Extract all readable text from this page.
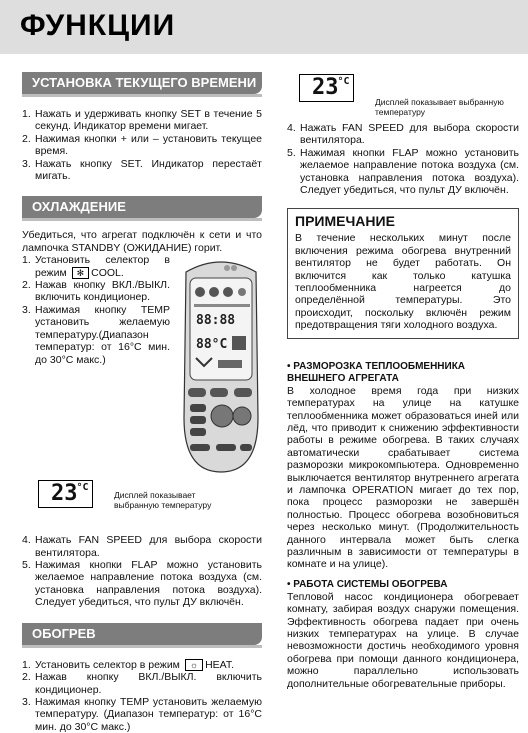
ФУНКЦИИ
УСТАНОВКА ТЕКУЩЕГО ВРЕМЕНИ
1. Нажать и удерживать кнопку SET в течение 5 секунд. Индикатор времени мигает.
2. Нажимая кнопки + или – установить текущее время.
3. Нажать кнопку SET. Индикатор перестаёт мигать.
ОХЛАЖДЕНИЕ

Убедиться, что агрегат подключён к сети и что лампочка STANDBY (ОЖИДАНИЕ) горит.

1. Установить селектор в режим ✻ COOL.
2. Нажав кнопку ВКЛ./ВЫКЛ. включить кондиционер.
3. Нажимая кнопку TEMP установить желаемую температуру.(Диапазон температур: от 16°C мин. до 30°C макс.)
88:88
88°C
23
°C
Дисплей показывает выбранную температуру
4. Нажать FAN SPEED для выбора скорости вентилятора.
5. Нажимая кнопки FLAP можно установить желаемое направление потока воздуха (см. установка направления потока воздуха). Следует убедиться, что пульт ДУ включён.
ОБОГРЕВ
1. Установить селектор в режим ☼ HEAT.
2. Нажав кнопку ВКЛ./ВЫКЛ. включить кондиционер.
3. Нажимая кнопку TEMP установить желаемую температуру. (Диапазон температур: от 16°C мин. до 30°C макс.)
23
°C
Дисплей показывает выбранную температуру
4. Нажать FAN SPEED для выбора скорости вентилятора.
5. Нажимая кнопки FLAP можно установить желаемое направление потока воздуха (см. установка направления потока воздуха). Следует убедиться, что пульт ДУ включён.
ПРИМЕЧАНИЕ

В течение нескольких минут после включения режима обогрева внутренний вентилятор не будет работать. Он включится как только катушка теплообменника нагреется до определённой температуры. Это происходит, поскольку включён режим предотвращения тяги холодного воздуха.

• РАЗМОРОЗКА ТЕПЛООБМЕННИКА ВНЕШНЕГО АГРЕГАТА

В холодное время года при низких температурах на улице на катушке теплообменника может образоваться иней или лёд, что приводит к снижению эффективности работы в режиме обогрева. В таких случаях автоматически срабатывает система разморозки микрокомпьютера. Одновременно выключается вентилятор внутреннего агрегата и лампочка OPERATION мигает до тех пор, пока процесс разморозки не завершён полностью. Процесс обогрева возобновиться через несколько минут. (Продолжительность данного интервала может быть слегка различным в зависимости от температуры в комнате и на улице).

• РАБОТА СИСТЕМЫ ОБОГРЕВА

Тепловой насос кондиционера обогревает комнату, забирая воздух снаружи помещения. Эффективность обогрева падает при очень низких температурах на улице. В случае невозможности достичь необходимого уровня обогрева при помощи данного кондиционера, можно параллельно использовать дополнительные обогревательные приборы.
